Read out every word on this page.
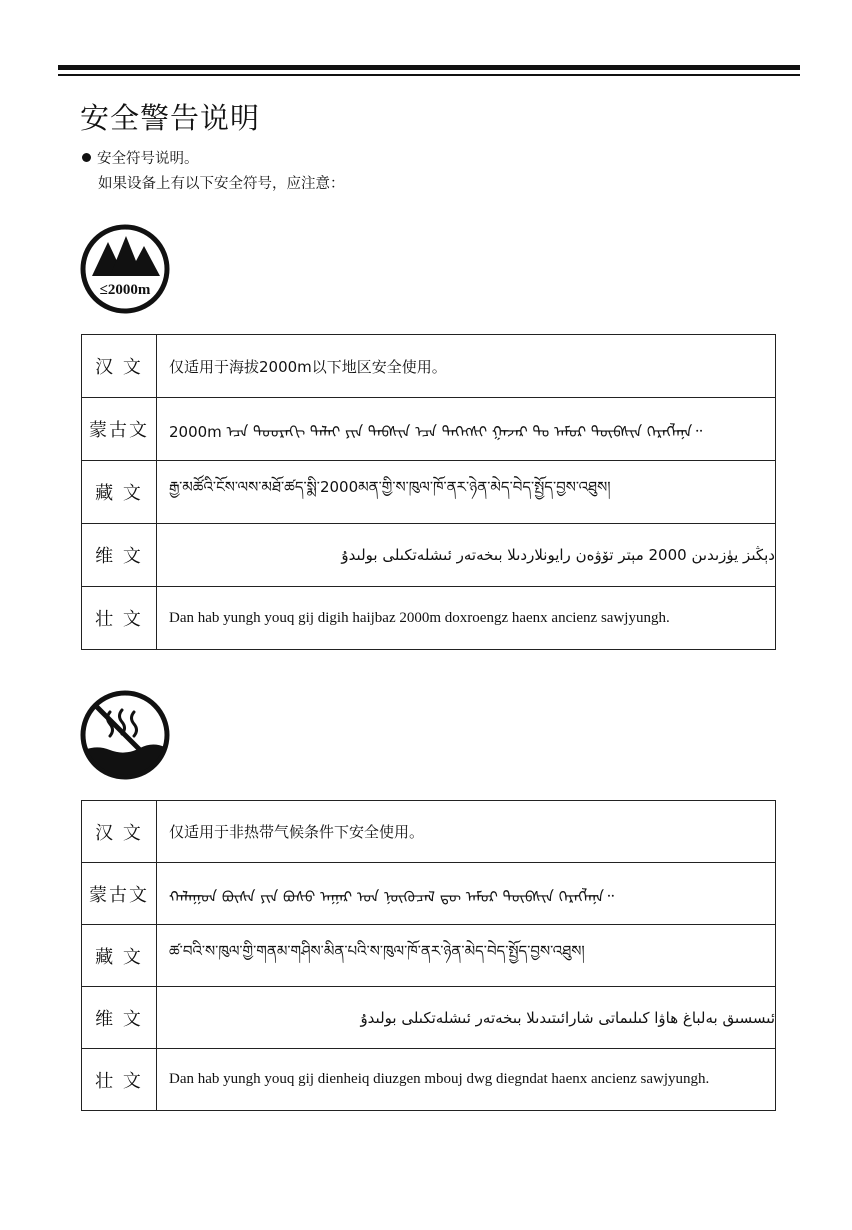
安全警告说明
安全符号说明。
如果设备上有以下安全符号，应注意：
≤2000m
汉 文	仅适用于海拔2000m以下地区安全使用。
蒙古文	2000m ᠡᠴᠡ ᠳᠣᠣᠷᠠᠬᠢ ᠳᠠᠯᠠᠢ ᠶᠢᠨ ᠲᠡᠪᠰᠢᠨ ᠡᠴᠡ ᠳᠡᠭᠡᠭᠰᠢ ᠭᠠᠵᠠᠷ ᠲᠤ ᠠᠮᠤᠷ ᠲᠦᠪᠰᠢᠨ ᠬᠡᠷᠡᠭᠯᠡᠨᠡ᠃
藏 文	རྒྱ་མཚོའི་ངོས་ལས་མཐོ་ཚད་སྨི་2000མན་གྱི་ས་ཁུལ་ཁོ་ནར་ཉེན་མེད་བེད་སྤྱོད་བྱས་འཐུས།
维 文	دېڭىز يۈزىدىن 2000 مېتر تۆۋەن رايونلاردىلا بىخەتەر ئىشلەتكىلى بولىدۇ
壮 文	Dan hab yungh youq gij digih haijbaz 2000m doxroengz haenx ancienz sawjyungh.
汉 文	仅适用于非热带气候条件下安全使用。
蒙古文	ᠬᠠᠯᠠᠭᠤᠨ ᠪᠦᠰᠡ ᠶᠢᠨ ᠪᠤᠰᠤ ᠠᠭᠠᠷ ᠤᠨ ᠨᠥᠬᠥᠴᠡᠯ ᠳᠦ ᠠᠮᠤᠷ ᠲᠦᠪᠰᠢᠨ ᠬᠡᠷᠡᠭᠯᠡᠨᠡ᠃
藏 文	ཚ་བའི་ས་ཁུལ་གྱི་གནམ་གཤིས་མིན་པའི་ས་ཁུལ་ཁོ་ནར་ཉེན་མེད་བེད་སྤྱོད་བྱས་འཐུས།
维 文	ئىسسىق بەلباغ ھاۋا كىلىماتى شارائىتىدىلا بىخەتەر ئىشلەتكىلى بولىدۇ
壮 文	Dan hab yungh youq gij dienheiq diuzgen mbouj dwg diegndat haenx ancienz sawjyungh.
